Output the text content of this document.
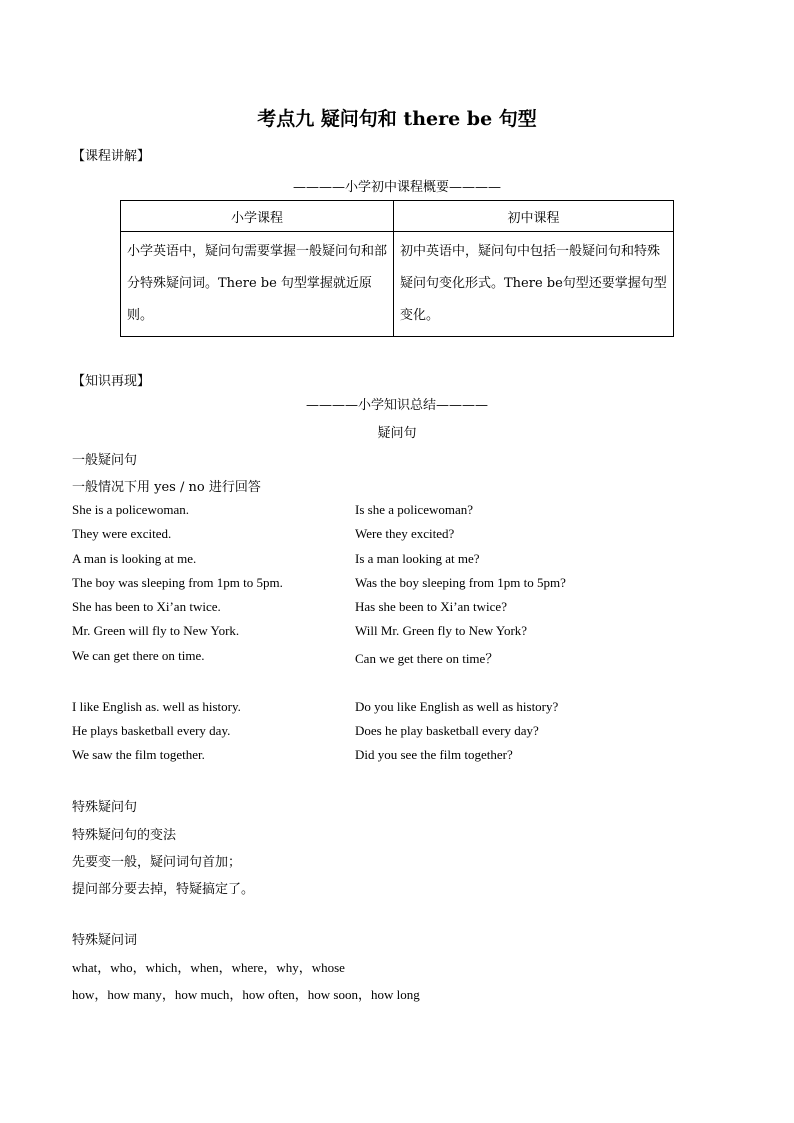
考点九 疑问句和 there be 句型
【课程讲解】
————小学初中课程概要————
小学课程	初中课程
小学英语中，疑问句需要掌握一般疑问句和部分特殊疑问词。There be 句型掌握就近原则。	初中英语中，疑问句中包括一般疑问句和特殊疑问句变化形式。There be句型还要掌握句型变化。
【知识再现】
————小学知识总结————
疑问句
一般疑问句
一般情况下用 yes / no 进行回答
She is a policewoman.	Is she a policewoman?
They were excited.	Were they excited?
A man is looking at me.	Is a man looking at me?
The boy was sleeping from 1pm to 5pm.	Was the boy sleeping from 1pm to 5pm?
She has been to Xi’an twice.	Has she been to Xi’an twice?
Mr. Green will fly to New York.	Will Mr. Green fly to New York?
We can get there on time.	Can we get there on time？
I like English as. well as history.	Do you like English as well as history?
He plays basketball every day.	Does he play basketball every day?
We saw the film together.	Did you see the film together?
特殊疑问句
特殊疑问句的变法
先要变一般，疑问词句首加；
提问部分要去掉，特疑搞定了。
特殊疑问词
what，who，which，when，where，why，whose
how，how many，how much，how often，how soon，how long
